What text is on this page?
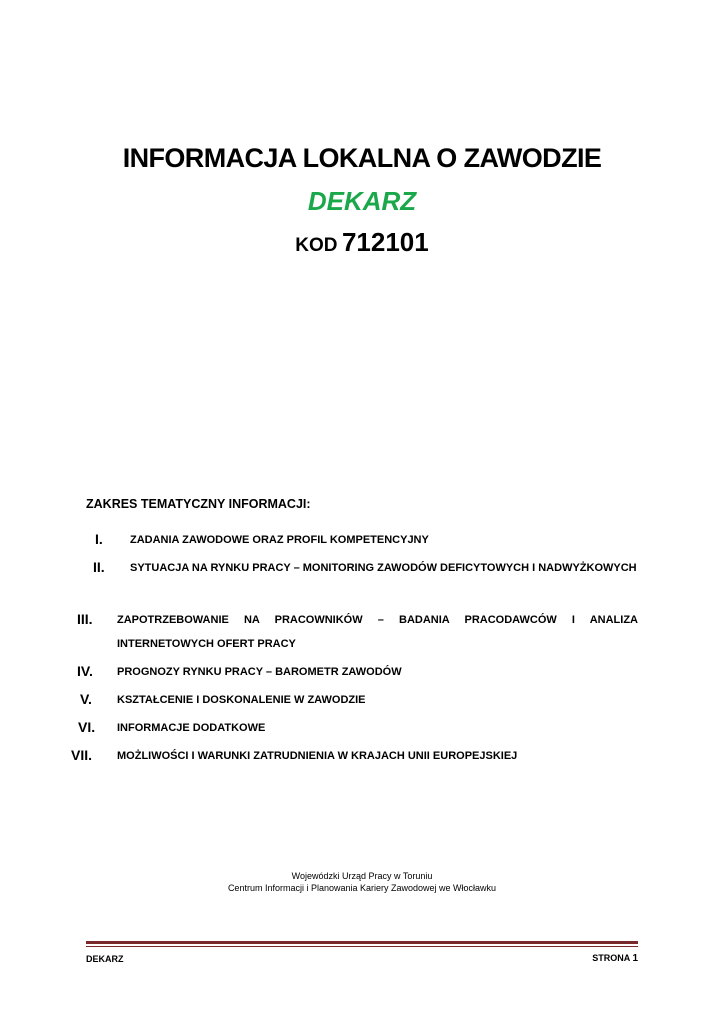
INFORMACJA LOKALNA O ZAWODZIE
DEKARZ
KOD 712101
ZAKRES TEMATYCZNY INFORMACJI:
I. ZADANIA ZAWODOWE ORAZ PROFIL KOMPETENCYJNY
II. SYTUACJA NA RYNKU PRACY – MONITORING ZAWODÓW DEFICYTOWYCH I NADWYŻKOWYCH
III. ZAPOTRZEBOWANIE NA PRACOWNIKÓW – BADANIA PRACODAWCÓW I ANALIZA INTERNETOWYCH OFERT PRACY
IV. PROGNOZY RYNKU PRACY – BAROMETR ZAWODÓW
V. KSZTAŁCENIE I DOSKONALENIE W ZAWODZIE
VI. INFORMACJE DODATKOWE
VII. MOŻLIWOŚCI I WARUNKI ZATRUDNIENIA W KRAJACH UNII EUROPEJSKIEJ
Wojewódzki Urząd Pracy w Toruniu
Centrum Informacji i Planowania Kariery Zawodowej we Włocławku
DEKARZ	STRONA 1
